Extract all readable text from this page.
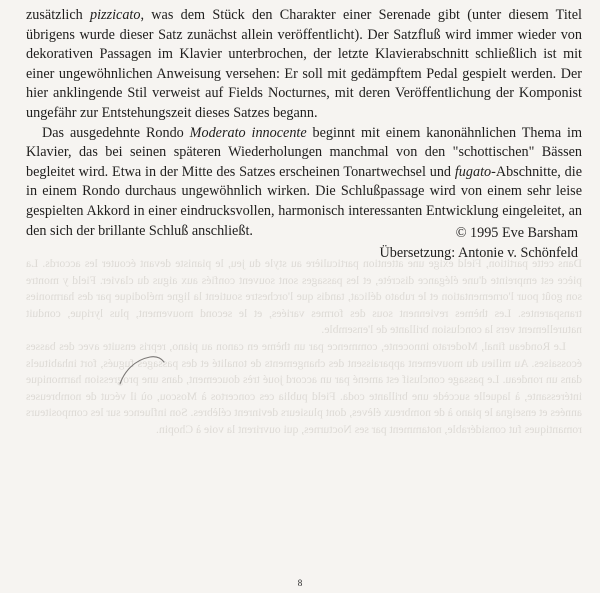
zusätzlich pizzicato, was dem Stück den Charakter einer Serenade gibt (unter diesem Titel übrigens wurde dieser Satz zunächst allein veröffentlicht). Der Satzfluß wird immer wieder von dekorativen Passagen im Klavier unterbrochen, der letzte Klavierabschnitt schließlich ist mit einer ungewöhnlichen Anweisung versehen: Er soll mit gedämpftem Pedal gespielt werden. Der hier anklingende Stil verweist auf Fields Nocturnes, mit deren Veröffentlichung der Komponist ungefähr zur Entstehungszeit dieses Satzes begann.

Das ausgedehnte Rondo Moderato innocente beginnt mit einem kanonähnlichen Thema im Klavier, das bei seinen späteren Wiederholungen manchmal von den "schottischen" Bässen begleitet wird. Etwa in der Mitte des Satzes erscheinen Tonartwechsel und fugato-Abschnitte, die in einem Rondo durchaus ungewöhnlich wirken. Die Schlußpassage wird von einem sehr leise gespielten Akkord in einer eindrucksvollen, harmonisch interessanten Entwicklung eingeleitet, an den sich der brillante Schluß anschließt.	© 1995 Eve Barsham
Übersetzung: Antonie v. Schönfeld

Dans cette partition, Field exige une attention particulière au style du jeu, le pianiste devant écouter les accords. La pièce est empreinte d'une élégance discrète, et les passages sont souvent confiés aux aigus du clavier. Field y montre son goût pour l'ornementation et le rubato délicat, tandis que l'orchestre soutient la ligne mélodique par des harmonies transparentes. Les thèmes reviennent sous des formes variées, et le second mouvement, plus lyrique, conduit naturellement vers la conclusion brillante de l'ensemble.

Le Rondeau final, Moderato innocente, commence par un thème en canon au piano, repris ensuite avec des basses écossaises. Au milieu du mouvement apparaissent des changements de tonalité et des passages fugués, fort inhabituels dans un rondeau. Le passage conclusif est amené par un accord joué très doucement, dans une progression harmonique intéressante, à laquelle succède une brillante coda. Field publia ces concertos à Moscou, où il vécut de nombreuses années et enseigna le piano à de nombreux élèves, dont plusieurs devinrent célèbres. Son influence sur les compositeurs romantiques fut considérable, notamment par ses Nocturnes, qui ouvrirent la voie à Chopin.

8
